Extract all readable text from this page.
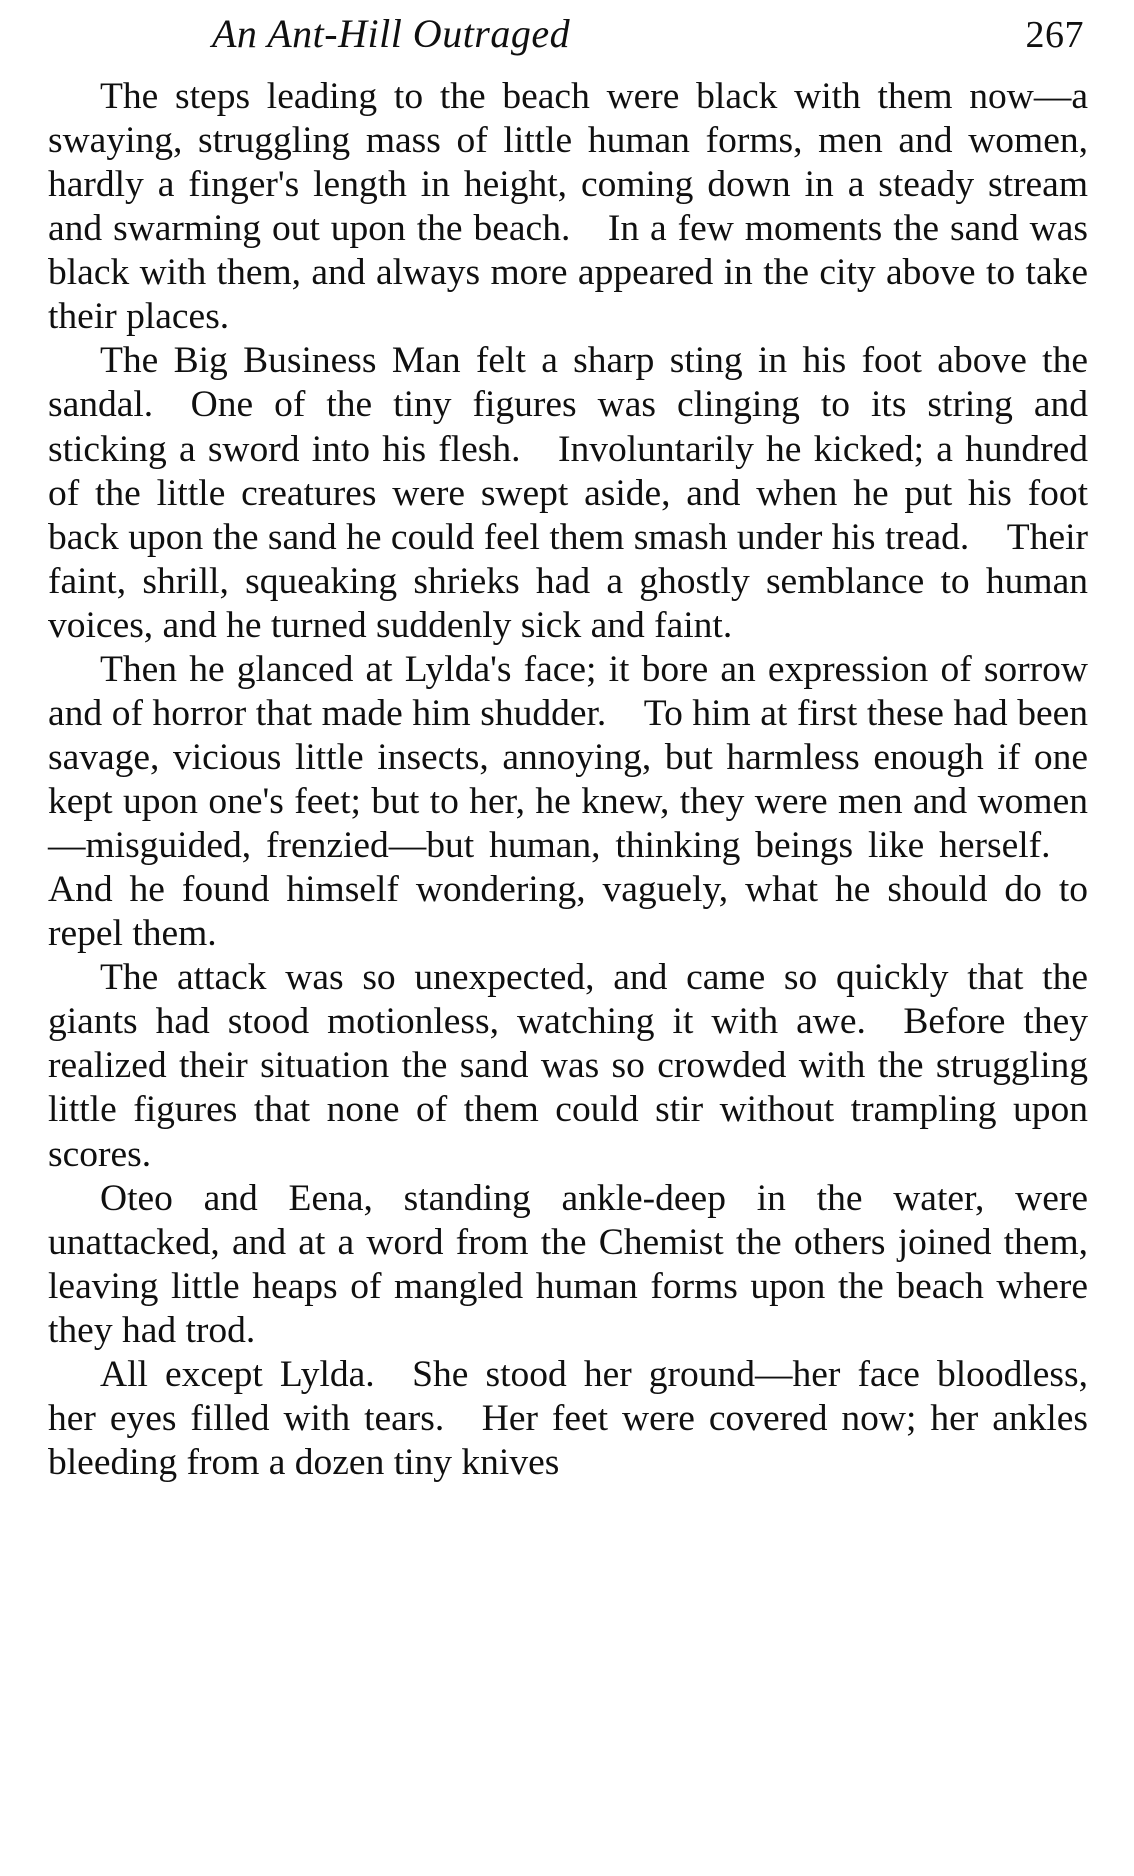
An Ant-Hill Outraged	267

The steps leading to the beach were black with them now—a swaying, struggling mass of little human forms, men and women, hardly a finger's length in height, coming down in a steady stream and swarming out upon the beach. In a few moments the sand was black with them, and always more appeared in the city above to take their places.

The Big Business Man felt a sharp sting in his foot above the sandal. One of the tiny figures was clinging to its string and sticking a sword into his flesh. Involuntarily he kicked; a hundred of the little creatures were swept aside, and when he put his foot back upon the sand he could feel them smash under his tread. Their faint, shrill, squeaking shrieks had a ghostly semblance to human voices, and he turned suddenly sick and faint.

Then he glanced at Lylda's face; it bore an expression of sorrow and of horror that made him shudder. To him at first these had been savage, vicious little insects, annoying, but harmless enough if one kept upon one's feet; but to her, he knew, they were men and women—misguided, frenzied—but human, thinking beings like herself. And he found himself wondering, vaguely, what he should do to repel them.

The attack was so unexpected, and came so quickly that the giants had stood motionless, watching it with awe. Before they realized their situation the sand was so crowded with the struggling little figures that none of them could stir without trampling upon scores.

Oteo and Eena, standing ankle-deep in the water, were unattacked, and at a word from the Chemist the others joined them, leaving little heaps of mangled human forms upon the beach where they had trod.

All except Lylda. She stood her ground—her face bloodless, her eyes filled with tears. Her feet were covered now; her ankles bleeding from a dozen tiny knives
